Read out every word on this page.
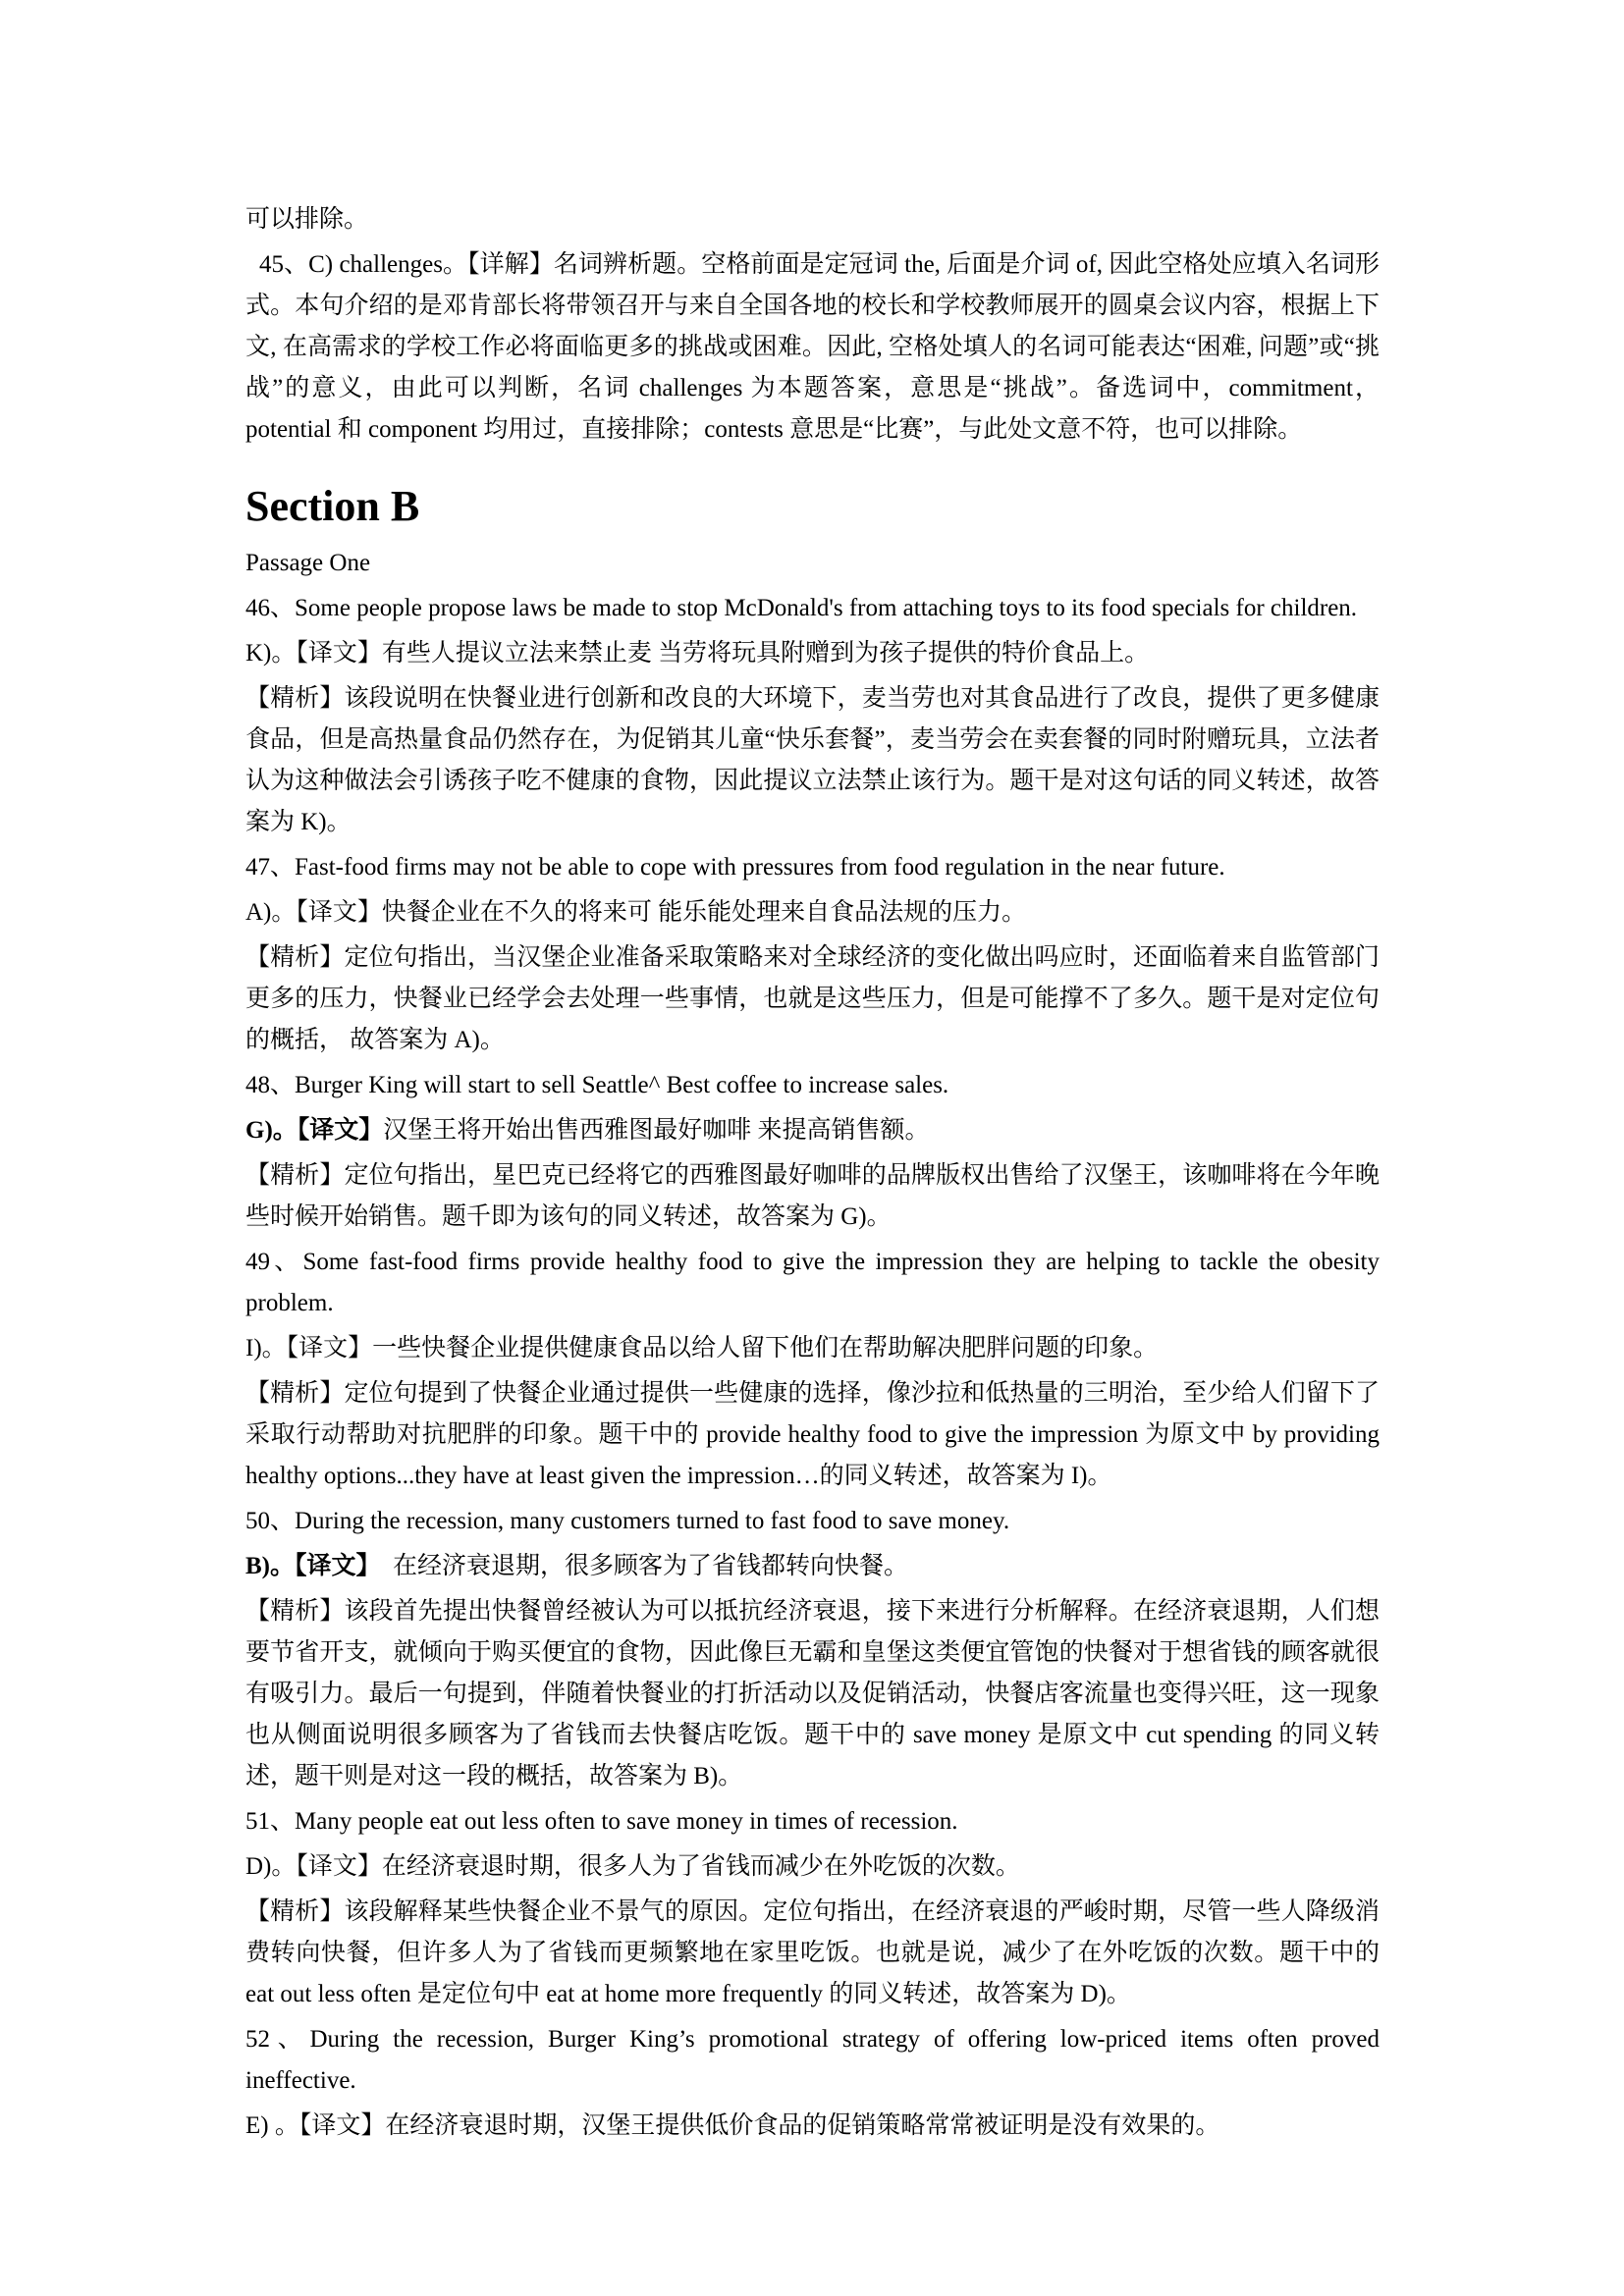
可以排除。

45、C) challenges。【详解】名词辨析题。空格前面是定冠词 the, 后面是介词 of, 因此空格处应填入名词形式。本句介绍的是邓肯部长将带领召开与来自全国各地的校长和学校教师展开的圆桌会议内容，根据上下文, 在高需求的学校工作必将面临更多的挑战或困难。因此, 空格处填人的名词可能表达“困难, 问题”或“挑战”的意义，由此可以判断，名词 challenges 为本题答案，意思是“挑战”。备选词中，commitment，potential 和 component 均用过，直接排除；contests 意思是“比赛”，与此处文意不符，也可以排除。

Section B

Passage One

46、Some people propose laws be made to stop McDonald's from attaching toys to its food specials for children.

K)。【译文】有些人提议立法来禁止麦 当劳将玩具附赠到为孩子提供的特价食品上。

【精析】该段说明在快餐业进行创新和改良的大环境下，麦当劳也对其食品进行了改良，提供了更多健康食品，但是高热量食品仍然存在，为促销其儿童“快乐套餐”，麦当劳会在卖套餐的同时附赠玩具，立法者认为这种做法会引诱孩子吃不健康的食物，因此提议立法禁止该行为。题干是对这句话的同义转述，故答案为 K)。

47、Fast-food firms may not be able to cope with pressures from food regulation in the near future.

A)。【译文】快餐企业在不久的将来可 能乐能处理来自食品法规的压力。

【精析】定位句指出，当汉堡企业准备采取策略来对全球经济的变化做出吗应时，还面临着来自监管部门更多的压力，快餐业已经学会去处理一些事情，也就是这些压力，但是可能撑不了多久。题干是对定位句的概括， 故答案为 A)。

48、Burger King will start to sell Seattle^ Best coffee to increase sales.

G)。【译文】汉堡王将开始出售西雅图最好咖啡 来提高销售额。

【精析】定位句指出，星巴克已经将它的西雅图最好咖啡的品牌版权出售给了汉堡王，该咖啡将在今年晚些时候开始销售。题千即为该句的同义转述，故答案为 G)。

49、Some fast-food firms provide healthy food to give the impression they are helping to tackle the obesity problem.

I)。【译文】一些快餐企业提供健康食品以给人留下他们在帮助解决肥胖问题的印象。

【精析】定位句提到了快餐企业通过提供一些健康的选择，像沙拉和低热量的三明治，至少给人们留下了采取行动帮助对抗肥胖的印象。题干中的 provide healthy food to give the impression 为原文中 by providing healthy options...they have at least given the impression…的同义转述，故答案为 I)。

50、During the recession, many customers turned to fast food to save money.

B)。【译文】　在经济衰退期，很多顾客为了省钱都转向快餐。

【精析】该段首先提出快餐曾经被认为可以抵抗经济衰退，接下来进行分析解释。在经济衰退期，人们想要节省开支，就倾向于购买便宜的食物，因此像巨无霸和皇堡这类便宜管饱的快餐对于想省钱的顾客就很有吸引力。最后一句提到，伴随着快餐业的打折活动以及促销活动，快餐店客流量也变得兴旺，这一现象也从侧面说明很多顾客为了省钱而去快餐店吃饭。题干中的 save money 是原文中 cut spending 的同义转述，题干则是对这一段的概括，故答案为 B)。

51、Many people eat out less often to save money in times of recession.

D)。【译文】在经济衰退时期，很多人为了省钱而减少在外吃饭的次数。

【精析】该段解释某些快餐企业不景气的原因。定位句指出，在经济衰退的严峻时期，尽管一些人降级消费转向快餐，但许多人为了省钱而更频繁地在家里吃饭。也就是说，减少了在外吃饭的次数。题干中的 eat out less often 是定位句中 eat at home more frequently 的同义转述，故答案为 D)。

52、During the recession, Burger King’s promotional strategy of offering low-priced items often proved ineffective.

E) 。【译文】在经济衰退时期，汉堡王提供低价食品的促销策略常常被证明是没有效果的。
